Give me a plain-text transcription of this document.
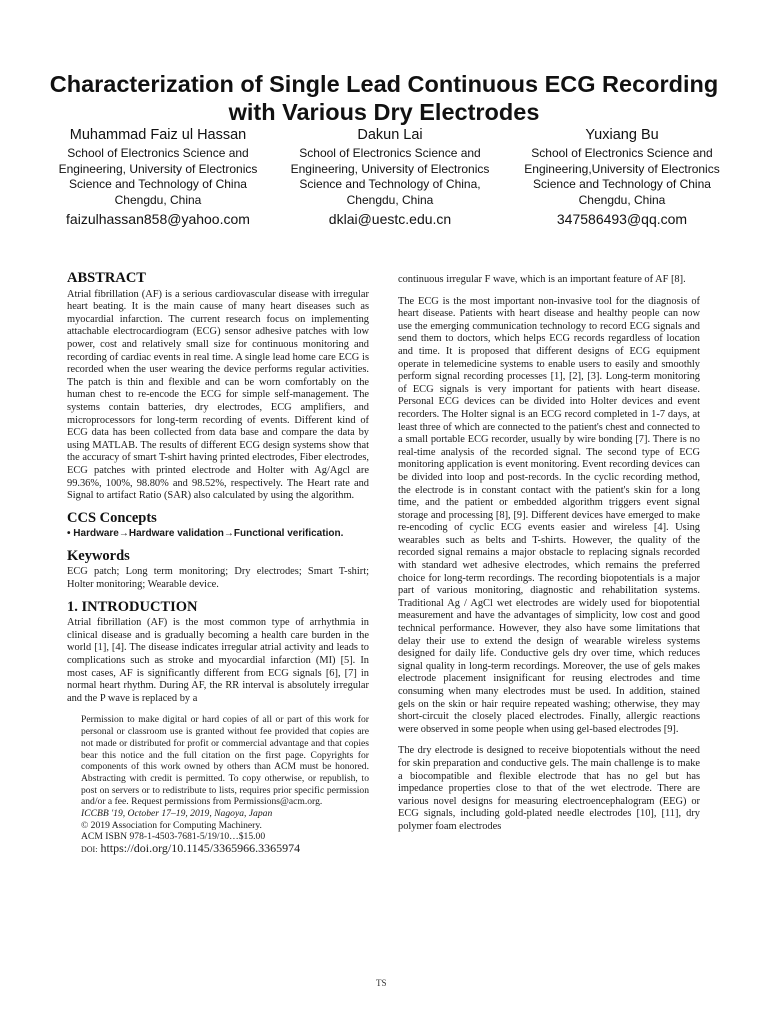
Characterization of Single Lead Continuous ECG Recording with Various Dry Electrodes
Muhammad Faiz ul Hassan
School of Electronics Science and Engineering, University of Electronics Science and Technology of China
Chengdu, China
faizulhassan858@yahoo.com
Dakun Lai
School of Electronics Science and Engineering, University of Electronics Science and Technology of China,
Chengdu, China
dklai@uestc.edu.cn
Yuxiang Bu
School of Electronics Science and Engineering,University of Electronics Science and Technology of China
Chengdu, China
347586493@qq.com
ABSTRACT

Atrial fibrillation (AF) is a serious cardiovascular disease with irregular heart beating. It is the main cause of many heart diseases such as myocardial infarction. The current research focus on implementing attachable electrocardiogram (ECG) sensor adhesive patches with low power, cost and relatively small size for continuous monitoring and recording of cardiac events in real time. A single lead home care ECG is recorded when the user wearing the device performs regular activities. The patch is thin and flexible and can be worn comfortably on the human chest to re-encode the ECG for simple self-management. The systems contain batteries, dry electrodes, ECG amplifiers, and microprocessors for long-term recording of events. Different kind of ECG data has been collected from data base and compare the data by using MATLAB. The results of different ECG design systems show that the accuracy of smart T-shirt having printed electrodes, Fiber electrodes, ECG patches with printed electrode and Holter with Ag/Agcl are 99.36%, 100%, 98.80% and 98.52%, respectively. The Heart rate and Signal to artifact Ratio (SAR) also calculated by using the algorithm.

CCS Concepts
• Hardware→Hardware validation→Functional verification.
Keywords

ECG patch; Long term monitoring; Dry electrodes; Smart T-shirt; Holter monitoring; Wearable device.

1. INTRODUCTION

Atrial fibrillation (AF) is the most common type of arrhythmia in clinical disease and is gradually becoming a health care burden in the world [1], [4]. The disease indicates irregular atrial activity and leads to complications such as stroke and myocardial infarction (MI) [5]. In most cases, AF is significantly different from ECG signals [6], [7] in normal heart rhythm. During AF, the RR interval is absolutely irregular and the P wave is replaced by a

Permission to make digital or hard copies of all or part of this work for personal or classroom use is granted without fee provided that copies are not made or distributed for profit or commercial advantage and that copies bear this notice and the full citation on the first page. Copyrights for components of this work owned by others than ACM must be honored. Abstracting with credit is permitted. To copy otherwise, or republish, to post on servers or to redistribute to lists, requires prior specific permission and/or a fee. Request permissions from Permissions@acm.org.

ICCBB '19, October 17–19, 2019, Nagoya, Japan
© 2019 Association for Computing Machinery.
ACM ISBN 978-1-4503-7681-5/19/10…$15.00
DOI: https://doi.org/10.1145/3365966.3365974

continuous irregular F wave, which is an important feature of AF [8].

The ECG is the most important non-invasive tool for the diagnosis of heart disease. Patients with heart disease and healthy people can now use the emerging communication technology to record ECG signals and send them to doctors, which helps ECG records regardless of location and time. It is proposed that different designs of ECG equipment operate in telemedicine systems to enable users to easily and smoothly perform signal recording processes [1], [2], [3]. Long-term monitoring of ECG signals is very important for patients with heart disease. Personal ECG devices can be divided into Holter devices and event recorders. The Holter signal is an ECG record completed in 1-7 days, at least three of which are connected to the patient's chest and connected to a small portable ECG recorder, usually by wire bonding [7]. There is no real-time analysis of the recorded signal. The second type of ECG monitoring application is event monitoring. Event recording devices can be divided into loop and post-records. In the cyclic recording method, the electrode is in constant contact with the patient's skin for a long time, and the patient or embedded algorithm triggers event signal storage and processing [8], [9]. Different devices have emerged to make re-encoding of cyclic ECG events easier and wireless [4]. Using wearables such as belts and T-shirts. However, the quality of the recorded signal remains a major obstacle to replacing signals recorded with standard wet adhesive electrodes, which remains the preferred choice for long-term recordings. The recording biopotentials is a major part of various monitoring, diagnostic and rehabilitation systems. Traditional Ag / AgCl wet electrodes are widely used for biopotential measurement and have the advantages of simplicity, low cost and good technical performance. However, they also have some limitations that delay their use to extend the design of wearable wireless systems designed for daily life. Conductive gels dry over time, which reduces signal quality in long-term recordings. Moreover, the use of gels makes electrode placement insignificant for reusing electrodes and time consuming when many electrodes must be used. In addition, stained gels on the skin or hair require repeated washing; otherwise, they may short-circuit the closely placed electrodes. Finally, allergic reactions were observed in some people when using gel-based electrodes [9].

The dry electrode is designed to receive biopotentials without the need for skin preparation and conductive gels. The main challenge is to make a biocompatible and flexible electrode that has no gel but has impedance properties close to that of the wet electrode. There are various novel designs for measuring electroencephalogram (EEG) or ECG signals, including gold-plated needle electrodes [10], [11], dry polymer foam electrodes

TS
